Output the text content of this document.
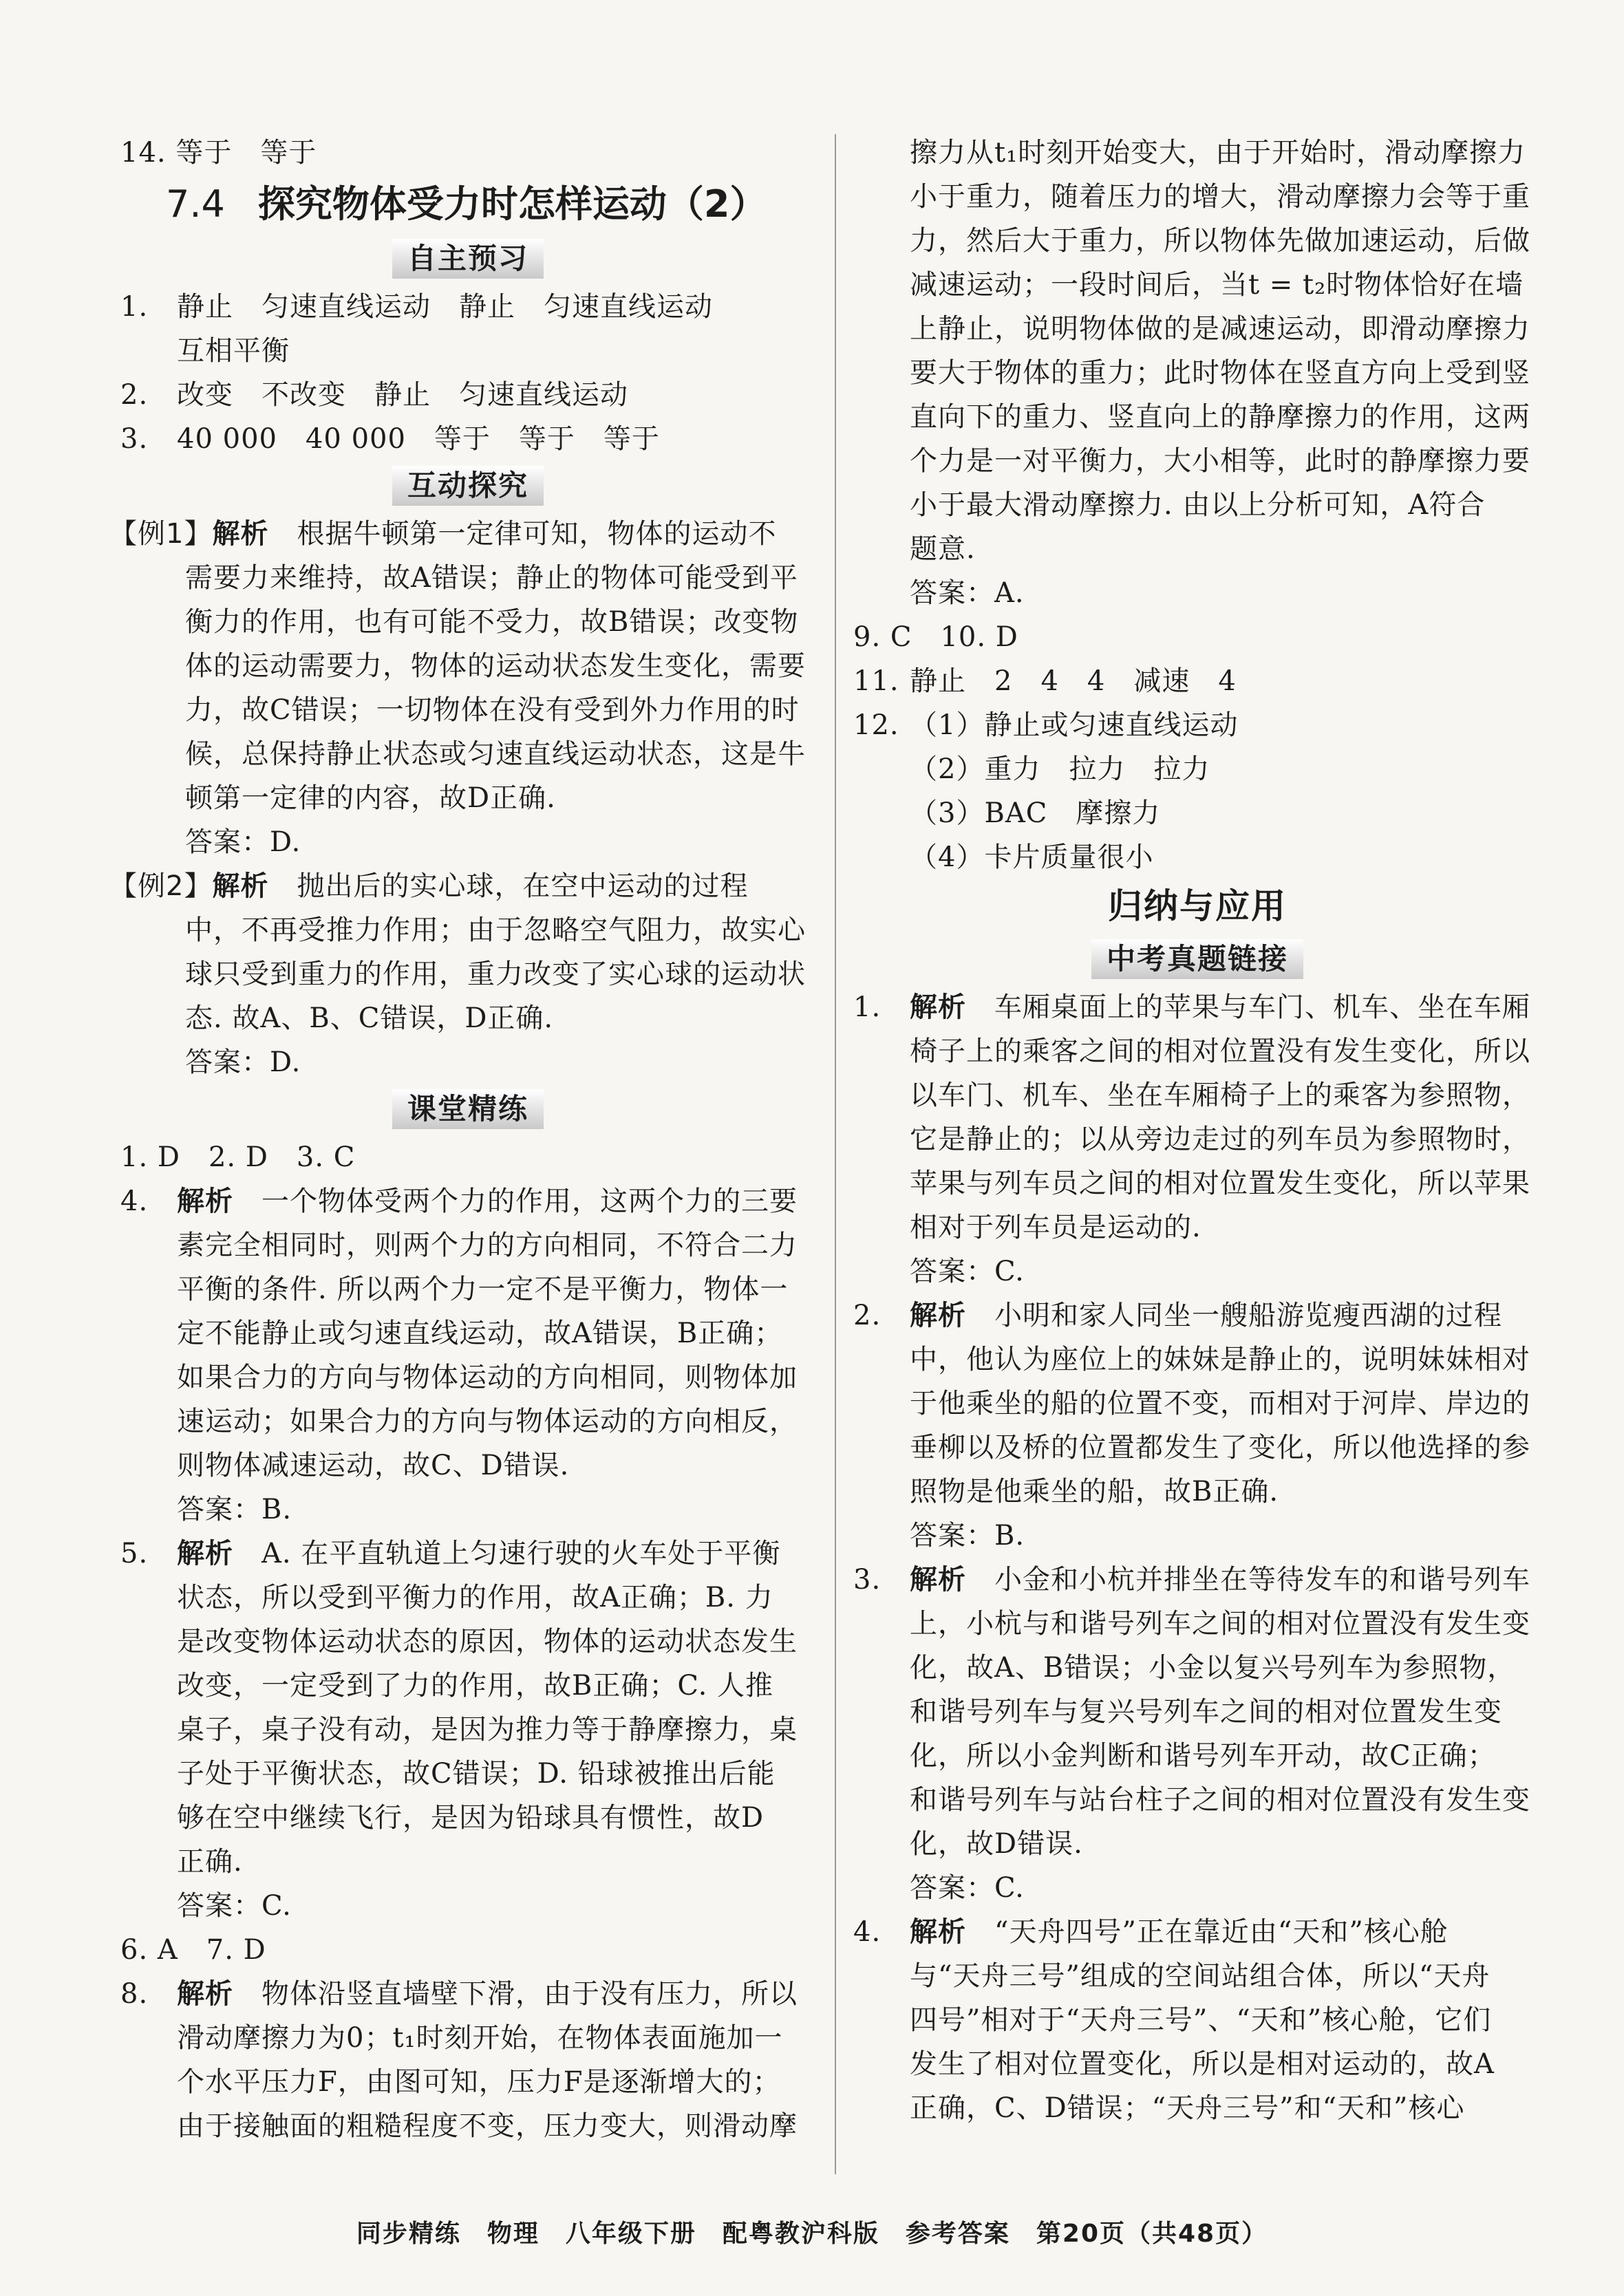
14. 等于　等于
7.4 探究物体受力时怎样运动（2）
自主预习
1. 静止　匀速直线运动　静止　匀速直线运动
互相平衡
2. 改变　不改变　静止　匀速直线运动
3. 40 000　40 000　等于　等于　等于
互动探究
【例1】解析　根据牛顿第一定律可知，物体的运动不
需要力来维持，故A错误；静止的物体可能受到平
衡力的作用，也有可能不受力，故B错误；改变物
体的运动需要力，物体的运动状态发生变化，需要
力，故C错误；一切物体在没有受到外力作用的时
候，总保持静止状态或匀速直线运动状态，这是牛
顿第一定律的内容，故D正确.
答案：D.
【例2】解析　抛出后的实心球，在空中运动的过程
中，不再受推力作用；由于忽略空气阻力，故实心
球只受到重力的作用，重力改变了实心球的运动状
态. 故A、B、C错误，D正确.
答案：D.
课堂精练
1. D　2. D　3. C
4. 解析　一个物体受两个力的作用，这两个力的三要
素完全相同时，则两个力的方向相同，不符合二力
平衡的条件. 所以两个力一定不是平衡力，物体一
定不能静止或匀速直线运动，故A错误，B正确；
如果合力的方向与物体运动的方向相同，则物体加
速运动；如果合力的方向与物体运动的方向相反，
则物体减速运动，故C、D错误.
答案：B.
5. 解析　A. 在平直轨道上匀速行驶的火车处于平衡
状态，所以受到平衡力的作用，故A正确；B. 力
是改变物体运动状态的原因，物体的运动状态发生
改变，一定受到了力的作用，故B正确；C. 人推
桌子，桌子没有动，是因为推力等于静摩擦力，桌
子处于平衡状态，故C错误；D. 铅球被推出后能
够在空中继续飞行，是因为铅球具有惯性，故D
正确.
答案：C.
6. A　7. D
8. 解析　物体沿竖直墙壁下滑，由于没有压力，所以
滑动摩擦力为0；t₁时刻开始，在物体表面施加一
个水平压力F，由图可知，压力F是逐渐增大的；
由于接触面的粗糙程度不变，压力变大，则滑动摩
擦力从t₁时刻开始变大，由于开始时，滑动摩擦力
小于重力，随着压力的增大，滑动摩擦力会等于重
力，然后大于重力，所以物体先做加速运动，后做
减速运动；一段时间后，当t = t₂时物体恰好在墙
上静止，说明物体做的是减速运动，即滑动摩擦力
要大于物体的重力；此时物体在竖直方向上受到竖
直向下的重力、竖直向上的静摩擦力的作用，这两
个力是一对平衡力，大小相等，此时的静摩擦力要
小于最大滑动摩擦力. 由以上分析可知，A符合
题意.
答案：A.
9. C　10. D
11. 静止　2　4　4　减速　4
12. （1）静止或匀速直线运动
（2）重力　拉力　拉力
（3）BAC　摩擦力
（4）卡片质量很小
归纳与应用
中考真题链接
1. 解析　车厢桌面上的苹果与车门、机车、坐在车厢
椅子上的乘客之间的相对位置没有发生变化，所以
以车门、机车、坐在车厢椅子上的乘客为参照物，
它是静止的；以从旁边走过的列车员为参照物时，
苹果与列车员之间的相对位置发生变化，所以苹果
相对于列车员是运动的.
答案：C.
2. 解析　小明和家人同坐一艘船游览瘦西湖的过程
中，他认为座位上的妹妹是静止的，说明妹妹相对
于他乘坐的船的位置不变，而相对于河岸、岸边的
垂柳以及桥的位置都发生了变化，所以他选择的参
照物是他乘坐的船，故B正确.
答案：B.
3. 解析　小金和小杭并排坐在等待发车的和谐号列车
上，小杭与和谐号列车之间的相对位置没有发生变
化，故A、B错误；小金以复兴号列车为参照物，
和谐号列车与复兴号列车之间的相对位置发生变
化，所以小金判断和谐号列车开动，故C正确；
和谐号列车与站台柱子之间的相对位置没有发生变
化，故D错误.
答案：C.
4. 解析　“天舟四号”正在靠近由“天和”核心舱
与“天舟三号”组成的空间站组合体，所以“天舟
四号”相对于“天舟三号”、“天和”核心舱，它们
发生了相对位置变化，所以是相对运动的，故A
正确，C、D错误；“天舟三号”和“天和”核心
同步精练　物理　八年级下册　配粤教沪科版　参考答案　第20页（共48页）
